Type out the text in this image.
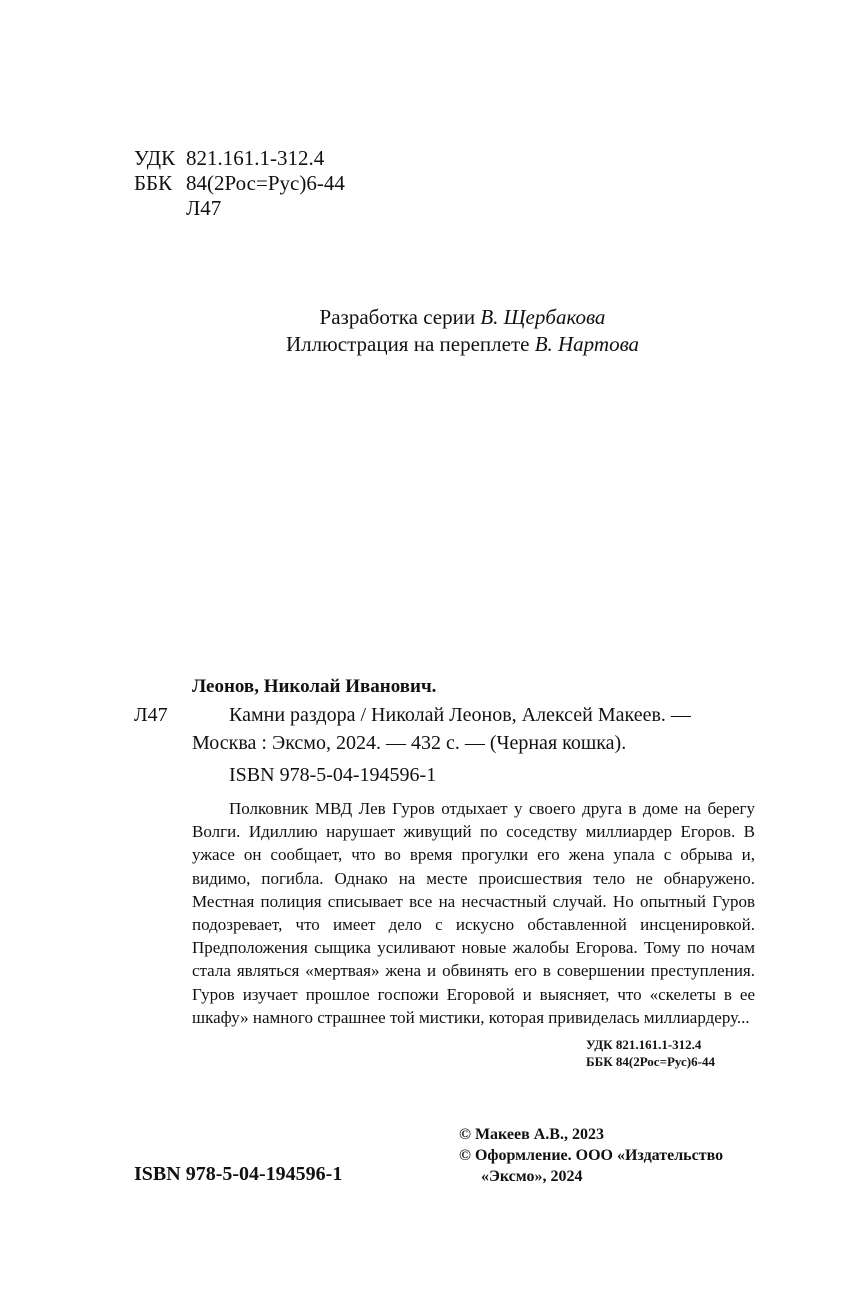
УДК 821.161.1-312.4
ББК 84(2Рос=Рус)6-44
Л47
Разработка серии В. Щербакова
Иллюстрация на переплете В. Нартова
Леонов, Николай Иванович.
Л47	Камни раздора / Николай Леонов, Алексей Макеев. —
Москва : Эксмо, 2024. — 432 с. — (Черная кошка).
ISBN 978-5-04-194596-1

Полковник МВД Лев Гуров отдыхает у своего друга в доме на берегу Волги. Идиллию нарушает живущий по соседству миллиардер Егоров. В ужасе он сообщает, что во время прогулки его жена упала с обрыва и, видимо, погибла. Однако на месте происшествия тело не обнаружено. Местная полиция списывает все на несчастный случай. Но опытный Гуров подозревает, что имеет дело с искусно обставленной инсценировкой. Предположения сыщика усиливают новые жалобы Егорова. Тому по ночам стала являться «мертвая» жена и обвинять его в совершении преступления. Гуров изучает прошлое госпожи Егоровой и выясняет, что «скелеты в ее шкафу» намного страшнее той мистики, которая привиделась миллиардеру...

УДК 821.161.1-312.4
ББК 84(2Рос=Рус)6-44
ISBN 978-5-04-194596-1
© Макеев А.В., 2023
© Оформление. ООО «Издательство
«Эксмо», 2024
